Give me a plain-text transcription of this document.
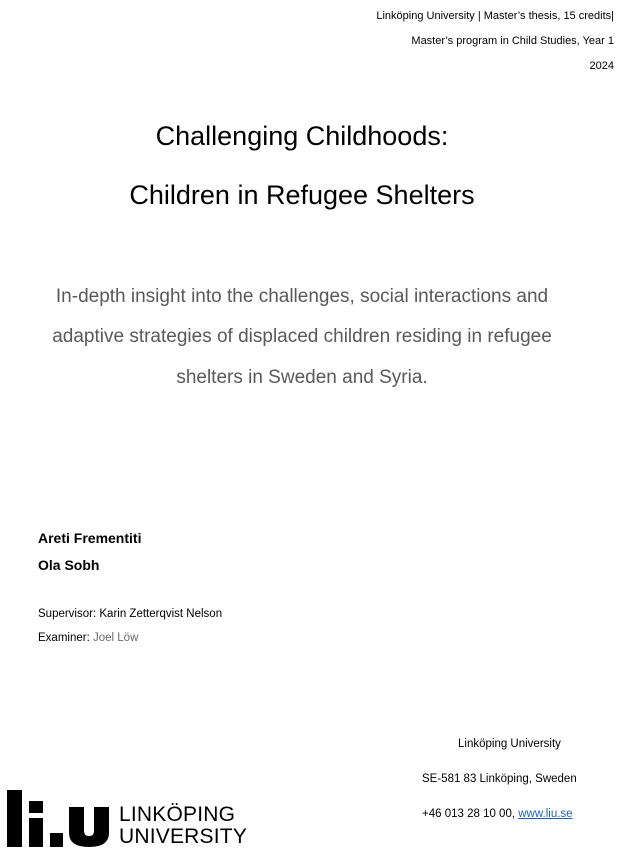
Linköping University | Master’s thesis, 15 credits|
Master’s program in Child Studies, Year 1
2024
Challenging Childhoods:
Children in Refugee Shelters
In-depth insight into the challenges, social interactions and
adaptive strategies of displaced children residing in refugee
shelters in Sweden and Syria.
Areti Frementiti
Ola Sobh
Supervisor: Karin Zetterqvist Nelson
Examiner: Joel Löw
Linköping University
SE-581 83 Linköping, Sweden
+46 013 28 10 00, www.liu.se
LINKÖPING
UNIVERSITY
